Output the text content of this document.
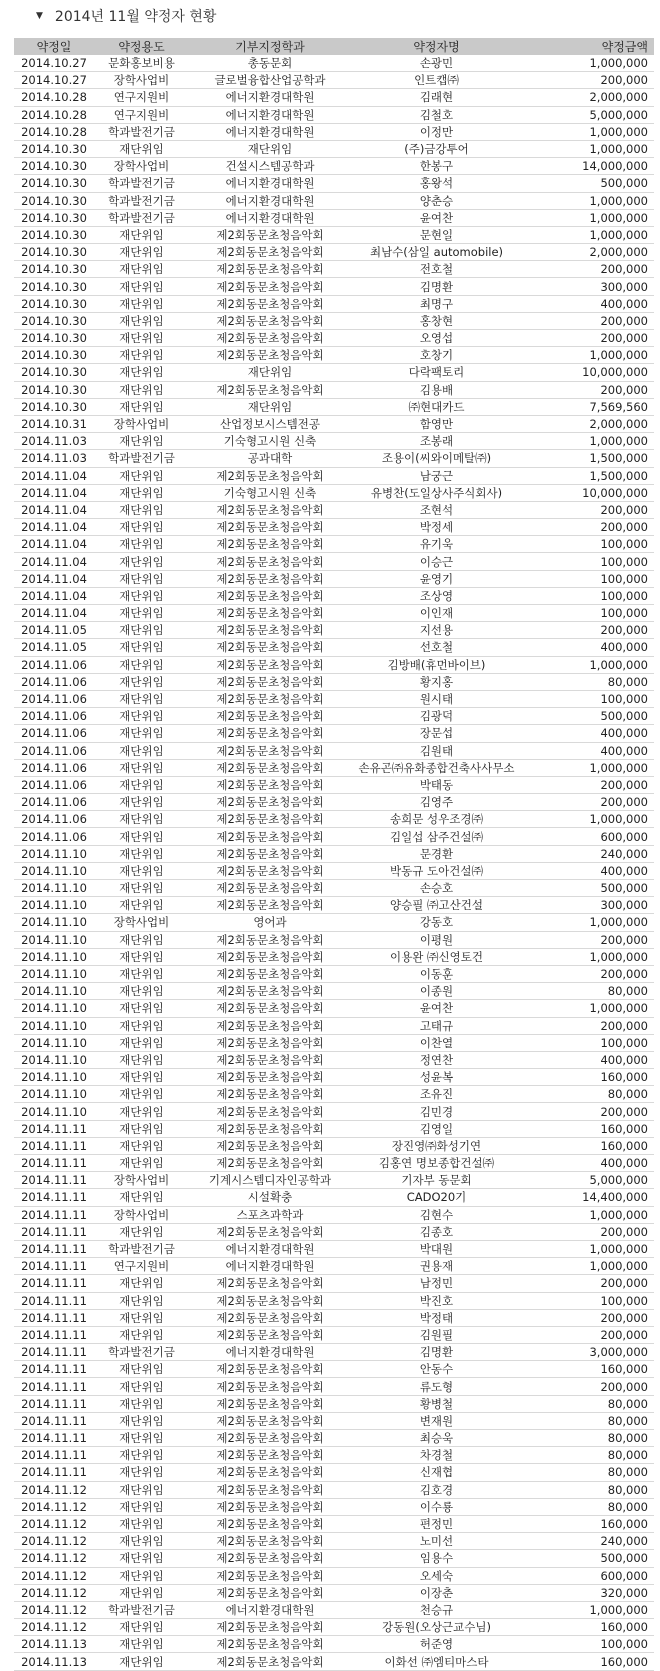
▼ 2014년 11월 약정자 현황
약정일	약정용도	기부지정학과	약정자명	약정금액
2014.10.27	문화홍보비용	총동문회	손광민	1,000,000
2014.10.27	장학사업비	글로벌융합산업공학과	인트캡㈜	200,000
2014.10.28	연구지원비	에너지환경대학원	김래현	2,000,000
2014.10.28	연구지원비	에너지환경대학원	김철호	5,000,000
2014.10.28	학과발전기금	에너지환경대학원	이정만	1,000,000
2014.10.30	재단위임	재단위임	(주)금강투어	1,000,000
2014.10.30	장학사업비	건설시스템공학과	한봉구	14,000,000
2014.10.30	학과발전기금	에너지환경대학원	홍왕석	500,000
2014.10.30	학과발전기금	에너지환경대학원	양춘승	1,000,000
2014.10.30	학과발전기금	에너지환경대학원	윤여찬	1,000,000
2014.10.30	재단위임	제2회동문초청음악회	문현일	1,000,000
2014.10.30	재단위임	제2회동문초청음악회	최남수(삼일 automobile)	2,000,000
2014.10.30	재단위임	제2회동문초청음악회	전호철	200,000
2014.10.30	재단위임	제2회동문초청음악회	김명환	300,000
2014.10.30	재단위임	제2회동문초청음악회	최명구	400,000
2014.10.30	재단위임	제2회동문초청음악회	홍창현	200,000
2014.10.30	재단위임	제2회동문초청음악회	오영섭	200,000
2014.10.30	재단위임	제2회동문초청음악회	호창기	1,000,000
2014.10.30	재단위임	재단위임	다락팩토리	10,000,000
2014.10.30	재단위임	제2회동문초청음악회	김용배	200,000
2014.10.30	재단위임	재단위임	㈜현대카드	7,569,560
2014.10.31	장학사업비	산업정보시스템전공	함영만	2,000,000
2014.11.03	재단위임	기숙형고시원 신축	조봉래	1,000,000
2014.11.03	학과발전기금	공과대학	조용이(씨와이메탈㈜)	1,500,000
2014.11.04	재단위임	제2회동문초청음악회	남궁근	1,500,000
2014.11.04	재단위임	기숙형고시원 신축	유병찬(도일상사주식회사)	10,000,000
2014.11.04	재단위임	제2회동문초청음악회	조현석	200,000
2014.11.04	재단위임	제2회동문초청음악회	박정세	200,000
2014.11.04	재단위임	제2회동문초청음악회	유기욱	100,000
2014.11.04	재단위임	제2회동문초청음악회	이승근	100,000
2014.11.04	재단위임	제2회동문초청음악회	윤영기	100,000
2014.11.04	재단위임	제2회동문초청음악회	조상영	100,000
2014.11.04	재단위임	제2회동문초청음악회	이인재	100,000
2014.11.05	재단위임	제2회동문초청음악회	지선용	200,000
2014.11.05	재단위임	제2회동문초청음악회	선호철	400,000
2014.11.06	재단위임	제2회동문초청음악회	김방배(휴먼바이브)	1,000,000
2014.11.06	재단위임	제2회동문초청음악회	황지홍	80,000
2014.11.06	재단위임	제2회동문초청음악회	원시태	100,000
2014.11.06	재단위임	제2회동문초청음악회	김광덕	500,000
2014.11.06	재단위임	제2회동문초청음악회	장문섭	400,000
2014.11.06	재단위임	제2회동문초청음악회	김원태	400,000
2014.11.06	재단위임	제2회동문초청음악회	손유곤㈜유화종합건축사사무소	1,000,000
2014.11.06	재단위임	제2회동문초청음악회	박태동	200,000
2014.11.06	재단위임	제2회동문초청음악회	김영주	200,000
2014.11.06	재단위임	제2회동문초청음악회	송희문 성우조경㈜	1,000,000
2014.11.06	재단위임	제2회동문초청음악회	김일섭 삼주건설㈜	600,000
2014.11.10	재단위임	제2회동문초청음악회	문경환	240,000
2014.11.10	재단위임	제2회동문초청음악회	박동규 도아건설㈜	400,000
2014.11.10	재단위임	제2회동문초청음악회	손승호	500,000
2014.11.10	재단위임	제2회동문초청음악회	양승필 ㈜고산건설	300,000
2014.11.10	장학사업비	영어과	강동호	1,000,000
2014.11.10	재단위임	제2회동문초청음악회	이평원	200,000
2014.11.10	재단위임	제2회동문초청음악회	이용완 ㈜신영토건	1,000,000
2014.11.10	재단위임	제2회동문초청음악회	이동훈	200,000
2014.11.10	재단위임	제2회동문초청음악회	이종원	80,000
2014.11.10	재단위임	제2회동문초청음악회	윤여찬	1,000,000
2014.11.10	재단위임	제2회동문초청음악회	고태규	200,000
2014.11.10	재단위임	제2회동문초청음악회	이찬열	100,000
2014.11.10	재단위임	제2회동문초청음악회	정연찬	400,000
2014.11.10	재단위임	제2회동문초청음악회	성윤복	160,000
2014.11.10	재단위임	제2회동문초청음악회	조유진	80,000
2014.11.10	재단위임	제2회동문초청음악회	김민경	200,000
2014.11.11	재단위임	제2회동문초청음악회	김영일	160,000
2014.11.11	재단위임	제2회동문초청음악회	장진영㈜화성기연	160,000
2014.11.11	재단위임	제2회동문초청음악회	김홍연 명보종합건설㈜	400,000
2014.11.11	장학사업비	기계시스템디자인공학과	기자부 동문회	5,000,000
2014.11.11	재단위임	시설확충	CADO20기	14,400,000
2014.11.11	장학사업비	스포츠과학과	김현수	1,000,000
2014.11.11	재단위임	제2회동문초청음악회	김종호	200,000
2014.11.11	학과발전기금	에너지환경대학원	박대원	1,000,000
2014.11.11	연구지원비	에너지환경대학원	권용재	1,000,000
2014.11.11	재단위임	제2회동문초청음악회	남정민	200,000
2014.11.11	재단위임	제2회동문초청음악회	박진호	100,000
2014.11.11	재단위임	제2회동문초청음악회	박정태	200,000
2014.11.11	재단위임	제2회동문초청음악회	김원필	200,000
2014.11.11	학과발전기금	에너지환경대학원	김명환	3,000,000
2014.11.11	재단위임	제2회동문초청음악회	안동수	160,000
2014.11.11	재단위임	제2회동문초청음악회	류도형	200,000
2014.11.11	재단위임	제2회동문초청음악회	황병철	80,000
2014.11.11	재단위임	제2회동문초청음악회	변재원	80,000
2014.11.11	재단위임	제2회동문초청음악회	최승욱	80,000
2014.11.11	재단위임	제2회동문초청음악회	차경철	80,000
2014.11.11	재단위임	제2회동문초청음악회	신재협	80,000
2014.11.12	재단위임	제2회동문초청음악회	김호경	80,000
2014.11.12	재단위임	제2회동문초청음악회	이수룡	80,000
2014.11.12	재단위임	제2회동문초청음악회	편정민	160,000
2014.11.12	재단위임	제2회동문초청음악회	노미선	240,000
2014.11.12	재단위임	제2회동문초청음악회	임용수	500,000
2014.11.12	재단위임	제2회동문초청음악회	오세숙	600,000
2014.11.12	재단위임	제2회동문초청음악회	이장춘	320,000
2014.11.12	학과발전기금	에너지환경대학원	천승규	1,000,000
2014.11.12	재단위임	제2회동문초청음악회	강동원(오상근교수님)	160,000
2014.11.13	재단위임	제2회동문초청음악회	허준영	100,000
2014.11.13	재단위임	제2회동문초청음악회	이화선 ㈜엠티마스타	160,000
